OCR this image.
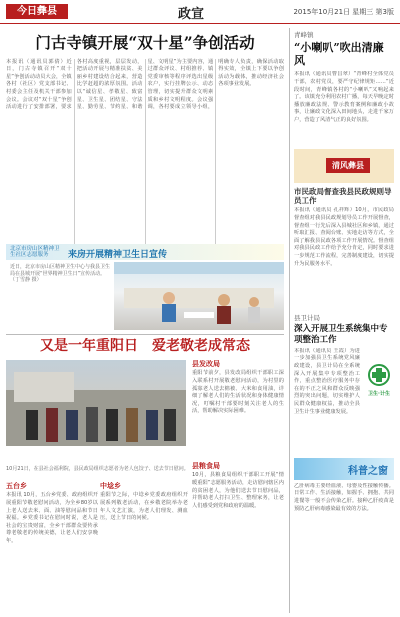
今日彝县	政宣	2015年10月21日 星期三 第3版
门古寺镇开展“双十星”争创活动
本报讯（通讯员郭倩）近日，门古寺镇召开“双十星”争创活动动员大会，全镇各村（社区）党支部书记、村委会主任及机关干部参加会议。会议对“双十星”争创活动进行了安排部署，要求各村高度重视，层层发动，把活动开展与精准扶贫、美丽乡村建设结合起来，营造比学赶超的浓厚氛围。活动以“诚信星、孝敬星、致富星、卫生星、团结星、守法星、勤劳星、节约星、和谐星、文明星”为主要内容，通过群众评议、村组推荐、镇党委审核等程序评选出星级农户，实行挂牌公示、动态管理，切实提升群众文明素质和乡村文明程度。会议强调，各村要成立领导小组，明确专人负责，确保活动取得实效，全镇上下要以争创活动为载体，推动经济社会各项事业发展。
北京市房山区精神卫生社区志愿服务	来房开展精神卫生日宣传
近日，北京市房山区精神卫生中心与我县卫生局在县城开展“世界精神卫生日”宣传活动。（丁雪静 摄）
又是一年重阳日　爱老敬老成常态
10月21日，在县社会福利院，县民政局组织志愿者为老人包饺子、送去节日慰问。
县发改局
重阳节前夕，县发改局组织干部职工深入联系村开展敬老慰问活动，为村里的孤寡老人送去棉被、大米和食用油，详细了解老人们的生活状况和身体健康情况，叮嘱村干部要时刻关注老人的生活，帮助解决实际困难。
县粮食局
10月，县粮食局组织干部职工开展“情暖重阳”志愿服务活动，走访慰问辖区内的贫困老人，为他们送去节日慰问品，并帮助老人打扫卫生、整理家务，让老人们感受到党和政府的温暖。
五台乡
本报讯 10月，五台乡党委、政府组织开展重阳节敬老慰问活动，为全乡80岁以上老人送去米、面、油等慰问品和节日祝福。乡党委书记在慰问时说，老人是社会的宝贵财富，全乡干部群众要传承尊老敬老的传统美德，让老人们安享晚年。
中埝乡
重阳节之际，中埝乡党委政府组织开展系列敬老活动，在乡敬老院举办老年人文艺汇演，为老人们理发、测血压，送上节日的问候。
青峰镇
“小喇叭”吹出清廉风
本报讯（通讯员曹昌翠）“青峰村全体党员干部，农村党员，要严守纪律规矩……”近段时间，青峰镇各村的“小喇叭”又响起来了。该镇充分利用农村广播，每天早晚定时播放廉政法规、警示教育案例和廉政小故事，让廉政文化深入田间地头，走进千家万户，营造了风清气正的良好氛围。
清风彝县
市民政局督查我县民政规则导员工作
本报讯（通讯员 孔祥辉）10月，市民政局督查组对我县民政规划导员工作开展督查，督查组一行先后深入县城社区和乡镇，通过听取汇报、查阅台账、实地走访等方式，全面了解我县民政各项工作开展情况。督查组对我县民政工作给予充分肯定，同时要求进一步规范工作流程，完善制度建设，切实提升为民服务水平。
县卫计局
深入开展卫生系统集中专项整治工作
本报讯（通讯员 王霞）为进一步加强县卫生系统党风廉政建设，县卫计局在全系统深入开展集中专项整治工作，重点整治医疗服务中存在的不正之风和群众反映强烈的突出问题，切实维护人民群众健康权益，推动全县卫生计生事业健康发展。
卫生·计生
科普之窗
乙肝病毒主要经血液、母婴及性接触传播。日常工作、生活接触，如握手、拥抱、共同进餐等一般不会传染乙肝。接种乙肝疫苗是预防乙肝病毒感染最有效的方法。
